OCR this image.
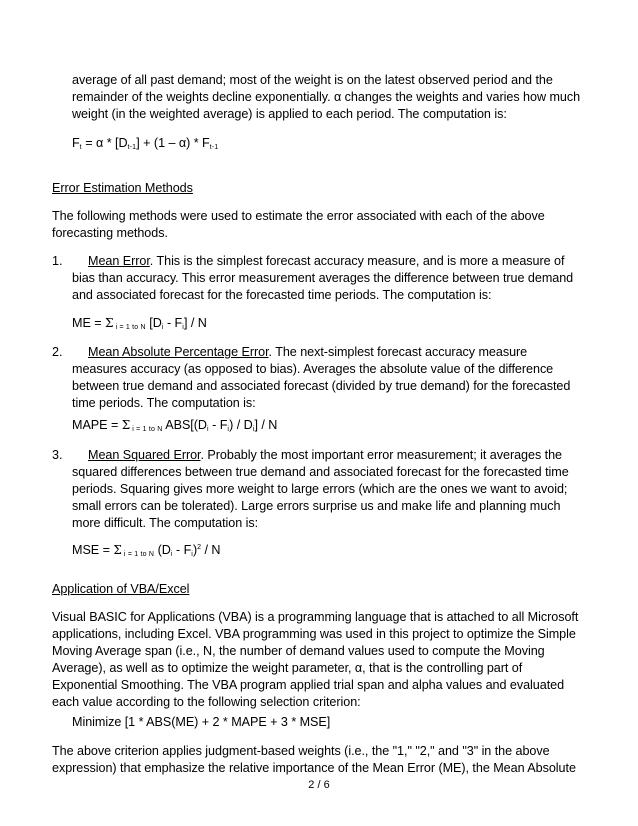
average of all past demand; most of the weight is on the latest observed period and the
remainder of the weights decline exponentially. α changes the weights and varies how much
weight (in the weighted average) is applied to each period. The computation is:
$F_t = \alpha * [D_{t-1}] + (1 - \alpha) * F_{t-1}$
Error Estimation Methods
The following methods were used to estimate the error associated with each of the above
forecasting methods.
1. Mean Error. This is the simplest forecast accuracy measure, and is more a measure of
bias than accuracy. This error measurement averages the difference between true demand
and associated forecast for the forecasted time periods. The computation is:
ME = Σ $_{i = 1 to N}$ $[D_i - F_i]$ / N
2. Mean Absolute Percentage Error. The next-simplest forecast accuracy measure
measures accuracy (as opposed to bias). Averages the absolute value of the difference
between true demand and associated forecast (divided by true demand) for the forecasted
time periods. The computation is:
MAPE = Σ $_{i = 1 to N}$ $ABS[(D_i - F_i) / D_i]$ / N
3. Mean Squared Error. Probably the most important error measurement; it averages the
squared differences between true demand and associated forecast for the forecasted time
periods. Squaring gives more weight to large errors (which are the ones we want to avoid;
small errors can be tolerated). Large errors surprise us and make life and planning much
more difficult. The computation is:
MSE = Σ $_{i = 1 to N}$ $(D_i - F_i)^2$ / N
Application of VBA/Excel
Visual BASIC for Applications (VBA) is a programming language that is attached to all Microsoft
applications, including Excel. VBA programming was used in this project to optimize the Simple
Moving Average span (i.e., N, the number of demand values used to compute the Moving
Average), as well as to optimize the weight parameter, α, that is the controlling part of
Exponential Smoothing. The VBA program applied trial span and alpha values and evaluated
each value according to the following selection criterion:
Minimize [1 * ABS(ME) + 2 * MAPE + 3 * MSE]
The above criterion applies judgment-based weights (i.e., the "1," "2," and "3" in the above
expression) that emphasize the relative importance of the Mean Error (ME), the Mean Absolute
2 / 6
